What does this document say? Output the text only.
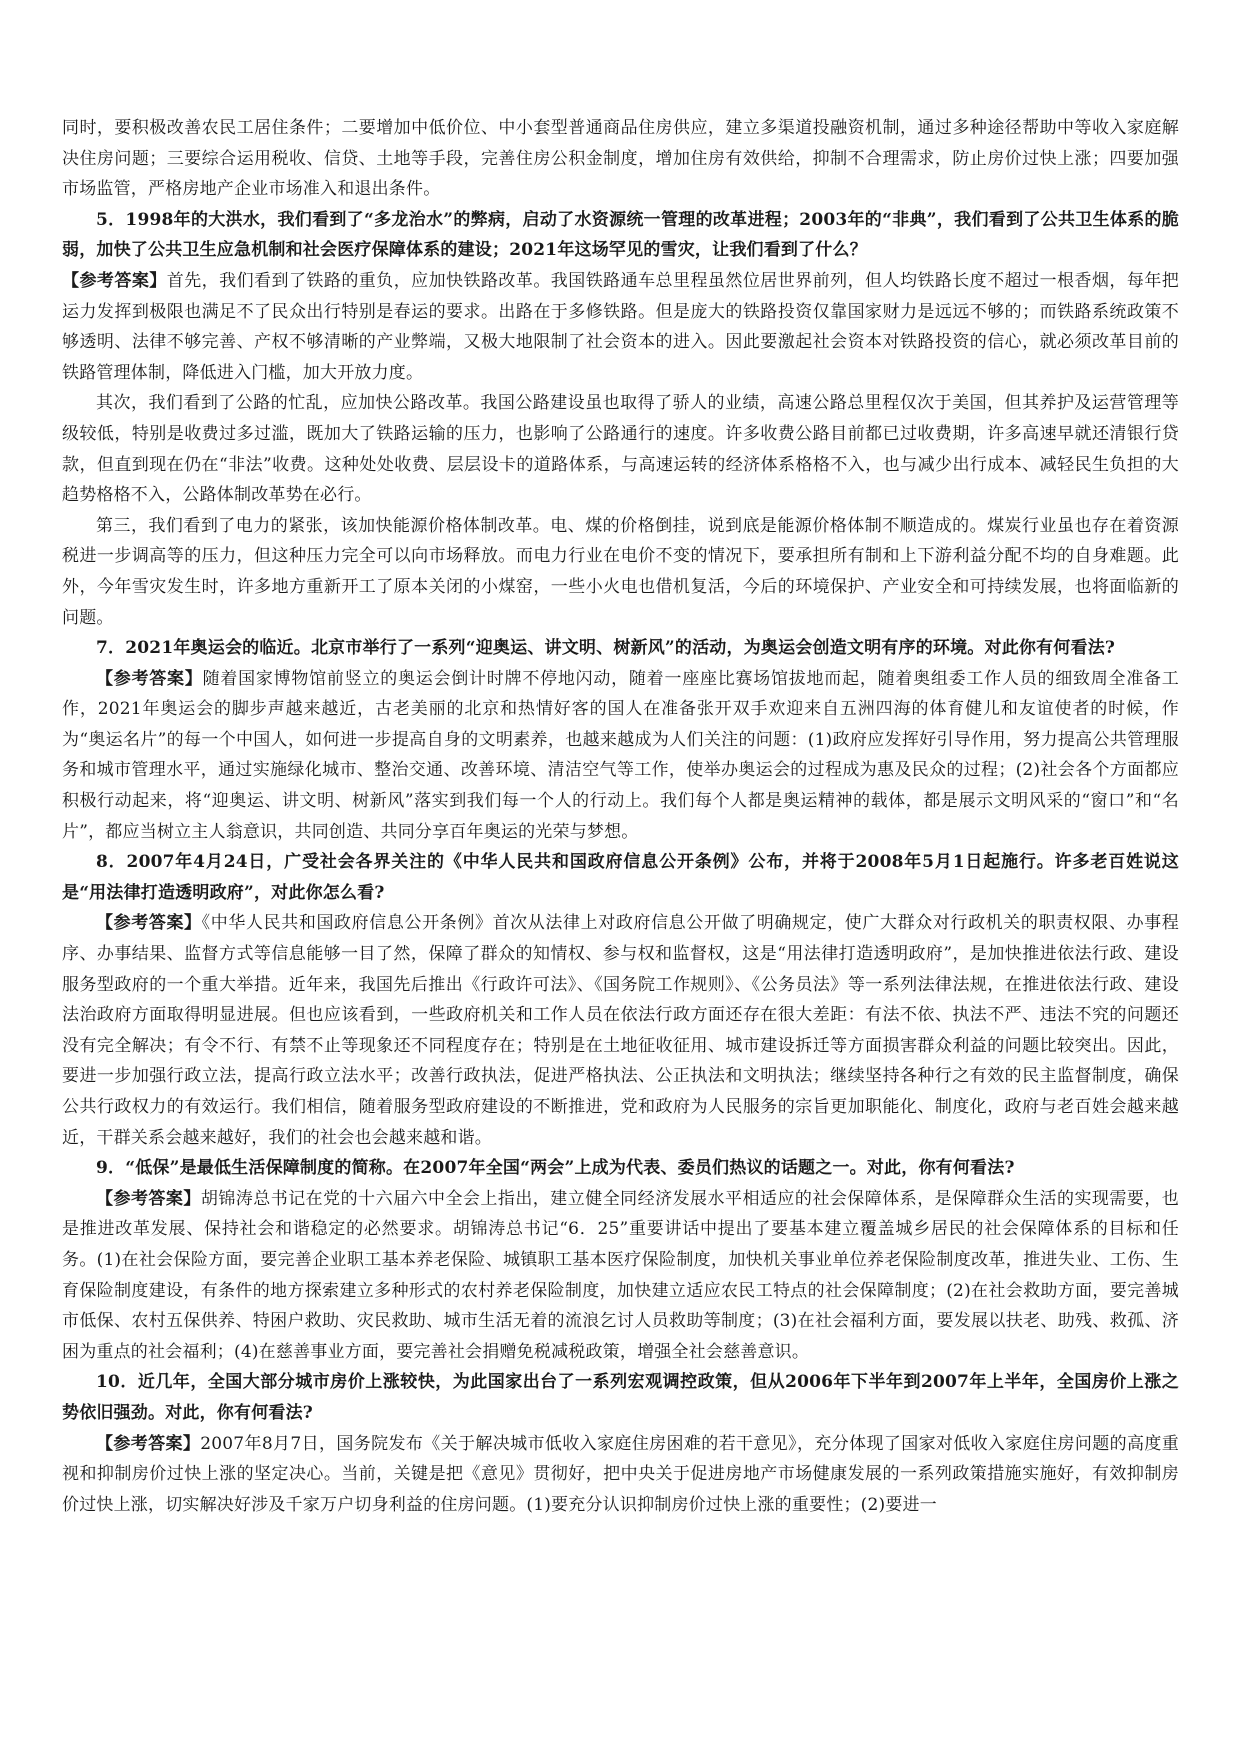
同时，要积极改善农民工居住条件；二要增加中低价位、中小套型普通商品住房供应，建立多渠道投融资机制，通过多种途径帮助中等收入家庭解决住房问题；三要综合运用税收、信贷、土地等手段，完善住房公积金制度，增加住房有效供给，抑制不合理需求，防止房价过快上涨；四要加强市场监管，严格房地产企业市场准入和退出条件。

5．1998年的大洪水，我们看到了“多龙治水”的弊病，启动了水资源统一管理的改革进程；2003年的“非典”，我们看到了公共卫生体系的脆弱，加快了公共卫生应急机制和社会医疗保障体系的建设；2021年这场罕见的雪灾，让我们看到了什么？

【参考答案】首先，我们看到了铁路的重负，应加快铁路改革。我国铁路通车总里程虽然位居世界前列，但人均铁路长度不超过一根香烟，每年把运力发挥到极限也满足不了民众出行特别是春运的要求。出路在于多修铁路。但是庞大的铁路投资仅靠国家财力是远远不够的；而铁路系统政策不够透明、法律不够完善、产权不够清晰的产业弊端，又极大地限制了社会资本的进入。因此要激起社会资本对铁路投资的信心，就必须改革目前的铁路管理体制，降低进入门槛，加大开放力度。

其次，我们看到了公路的忙乱，应加快公路改革。我国公路建设虽也取得了骄人的业绩，高速公路总里程仅次于美国，但其养护及运营管理等级较低，特别是收费过多过滥，既加大了铁路运输的压力，也影响了公路通行的速度。许多收费公路目前都已过收费期，许多高速早就还清银行贷款，但直到现在仍在“非法”收费。这种处处收费、层层设卡的道路体系，与高速运转的经济体系格格不入，也与减少出行成本、减轻民生负担的大趋势格格不入，公路体制改革势在必行。

第三，我们看到了电力的紧张，该加快能源价格体制改革。电、煤的价格倒挂，说到底是能源价格体制不顺造成的。煤炭行业虽也存在着资源税进一步调高等的压力，但这种压力完全可以向市场释放。而电力行业在电价不变的情况下，要承担所有制和上下游利益分配不均的自身难题。此外，今年雪灾发生时，许多地方重新开工了原本关闭的小煤窑，一些小火电也借机复活，今后的环境保护、产业安全和可持续发展，也将面临新的问题。

7．2021年奥运会的临近。北京市举行了一系列“迎奥运、讲文明、树新风”的活动，为奥运会创造文明有序的环境。对此你有何看法?

【参考答案】随着国家博物馆前竖立的奥运会倒计时牌不停地闪动，随着一座座比赛场馆拔地而起，随着奥组委工作人员的细致周全准备工作，2021年奥运会的脚步声越来越近，古老美丽的北京和热情好客的国人在准备张开双手欢迎来自五洲四海的体育健儿和友谊使者的时候，作为“奥运名片”的每一个中国人，如何进一步提高自身的文明素养，也越来越成为人们关注的问题：(1)政府应发挥好引导作用，努力提高公共管理服务和城市管理水平，通过实施绿化城市、整治交通、改善环境、清洁空气等工作，使举办奥运会的过程成为惠及民众的过程；(2)社会各个方面都应积极行动起来，将“迎奥运、讲文明、树新风”落实到我们每一个人的行动上。我们每个人都是奥运精神的载体，都是展示文明风采的“窗口”和“名片”，都应当树立主人翁意识，共同创造、共同分享百年奥运的光荣与梦想。

8．2007年4月24日，广受社会各界关注的《中华人民共和国政府信息公开条例》公布，并将于2008年5月1日起施行。许多老百姓说这是“用法律打造透明政府”，对此你怎么看?

【参考答案】《中华人民共和国政府信息公开条例》首次从法律上对政府信息公开做了明确规定，使广大群众对行政机关的职责权限、办事程序、办事结果、监督方式等信息能够一目了然，保障了群众的知情权、参与权和监督权，这是“用法律打造透明政府”，是加快推进依法行政、建设服务型政府的一个重大举措。近年来，我国先后推出《行政许可法》、《国务院工作规则》、《公务员法》等一系列法律法规，在推进依法行政、建设法治政府方面取得明显进展。但也应该看到，一些政府机关和工作人员在依法行政方面还存在很大差距：有法不依、执法不严、违法不究的问题还没有完全解决；有令不行、有禁不止等现象还不同程度存在；特别是在土地征收征用、城市建设拆迁等方面损害群众利益的问题比较突出。因此，要进一步加强行政立法，提高行政立法水平；改善行政执法，促进严格执法、公正执法和文明执法；继续坚持各种行之有效的民主监督制度，确保公共行政权力的有效运行。我们相信，随着服务型政府建设的不断推进，党和政府为人民服务的宗旨更加职能化、制度化，政府与老百姓会越来越近，干群关系会越来越好，我们的社会也会越来越和谐。

9．“低保”是最低生活保障制度的简称。在2007年全国“两会”上成为代表、委员们热议的话题之一。对此，你有何看法?

【参考答案】胡锦涛总书记在党的十六届六中全会上指出，建立健全同经济发展水平相适应的社会保障体系，是保障群众生活的实现需要，也是推进改革发展、保持社会和谐稳定的必然要求。胡锦涛总书记“6．25”重要讲话中提出了要基本建立覆盖城乡居民的社会保障体系的目标和任务。(1)在社会保险方面，要完善企业职工基本养老保险、城镇职工基本医疗保险制度，加快机关事业单位养老保险制度改革，推进失业、工伤、生育保险制度建设，有条件的地方探索建立多种形式的农村养老保险制度，加快建立适应农民工特点的社会保障制度；(2)在社会救助方面，要完善城市低保、农村五保供养、特困户救助、灾民救助、城市生活无着的流浪乞讨人员救助等制度；(3)在社会福利方面，要发展以扶老、助残、救孤、济困为重点的社会福利；(4)在慈善事业方面，要完善社会捐赠免税减税政策，增强全社会慈善意识。

10．近几年，全国大部分城市房价上涨较快，为此国家出台了一系列宏观调控政策，但从2006年下半年到2007年上半年，全国房价上涨之势依旧强劲。对此，你有何看法?

【参考答案】2007年8月7日，国务院发布《关于解决城市低收入家庭住房困难的若干意见》，充分体现了国家对低收入家庭住房问题的高度重视和抑制房价过快上涨的坚定决心。当前，关键是把《意见》贯彻好，把中央关于促进房地产市场健康发展的一系列政策措施实施好，有效抑制房价过快上涨，切实解决好涉及千家万户切身利益的住房问题。(1)要充分认识抑制房价过快上涨的重要性；(2)要进一
